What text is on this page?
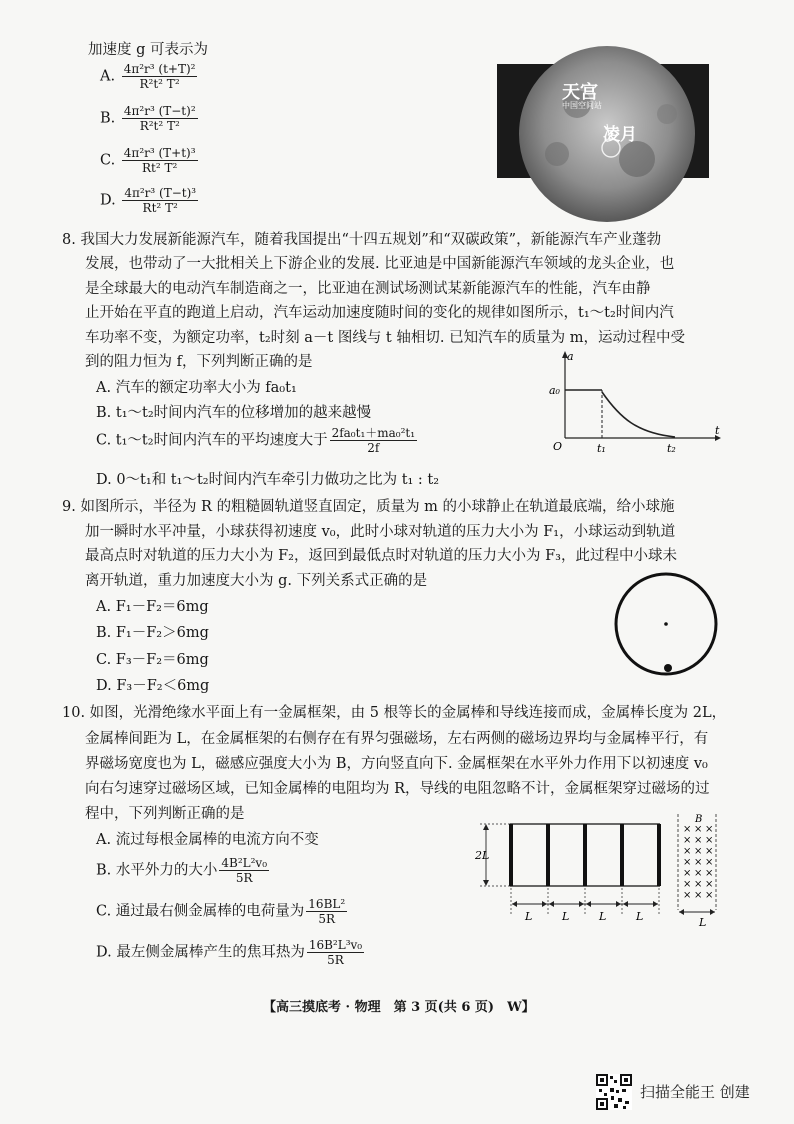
加速度 g 可表示为
A. $\frac{\text{4π²r³ (t+T)²}}{\text{R²t² T²}}$
B. $\frac{\text{4π²r³ (T−t)²}}{\text{R²t² T²}}$
C. $\frac{\text{4π²r³ (T+t)³}}{\text{Rt² T²}}$
D. $\frac{\text{4π²r³ (T−t)³}}{\text{Rt² T²}}$
天宫
中国空间站
凌月
8. 我国大力发展新能源汽车，随着我国提出“十四五规划”和“双碳政策”，新能源汽车产业蓬勃
发展，也带动了一大批相关上下游企业的发展. 比亚迪是中国新能源汽车领域的龙头企业，也
是全球最大的电动汽车制造商之一，比亚迪在测试场测试某新能源汽车的性能，汽车由静
止开始在平直的跑道上启动，汽车运动加速度随时间的变化的规律如图所示，t₁～t₂时间内汽
车功率不变，为额定功率，t₂时刻 a－t 图线与 t 轴相切. 已知汽车的质量为 m，运动过程中受
到的阻力恒为 f，下列判断正确的是
A. 汽车的额定功率大小为 fa₀t₁
B. t₁～t₂时间内汽车的位移增加的越来越慢
C. t₁～t₂时间内汽车的平均速度大于 $\frac{\text{2fa₀t₁＋ma₀²t₁}}{2f}$
D. 0～t₁和 t₁～t₂时间内汽车牵引力做功之比为 t₁ : t₂
a
t
O
a₀
t₁	t₂
9. 如图所示，半径为 R 的粗糙圆轨道竖直固定，质量为 m 的小球静止在轨道最底端，给小球施
加一瞬时水平冲量，小球获得初速度 v₀，此时小球对轨道的压力大小为 F₁，小球运动到轨道
最高点时对轨道的压力大小为 F₂，返回到最低点时对轨道的压力大小为 F₃，此过程中小球未
离开轨道，重力加速度大小为 g. 下列关系式正确的是
A. F₁－F₂＝6mg
B. F₁－F₂＞6mg
C. F₃－F₂＝6mg
D. F₃－F₂＜6mg
10. 如图，光滑绝缘水平面上有一金属框架，由 5 根等长的金属棒和导线连接而成，金属棒长度为 2L，
金属棒间距为 L，在金属框架的右侧存在有界匀强磁场，左右两侧的磁场边界均与金属棒平行，有
界磁场宽度也为 L，磁感应强度大小为 B，方向竖直向下. 金属框架在水平外力作用下以初速度 v₀
向右匀速穿过磁场区域，已知金属棒的电阻均为 R，导线的电阻忽略不计，金属框架穿过磁场的过
程中，下列判断正确的是
A. 流过每根金属棒的电流方向不变
B. 水平外力的大小 $\frac{\text{4B²L²v₀}}{5R}$
C. 通过最右侧金属棒的电荷量为 $\frac{\text{16BL²}}{5R}$
D. 最左侧金属棒产生的焦耳热为 $\frac{\text{16B²L³v₀}}{5R}$
2L
L	L	L	L
B
× × ×
× × ×
× × ×
× × ×
× × ×
× × ×
× × ×
L
【高三摸底考 · 物理　第 3 页(共 6 页)　W】
扫描全能王 创建
